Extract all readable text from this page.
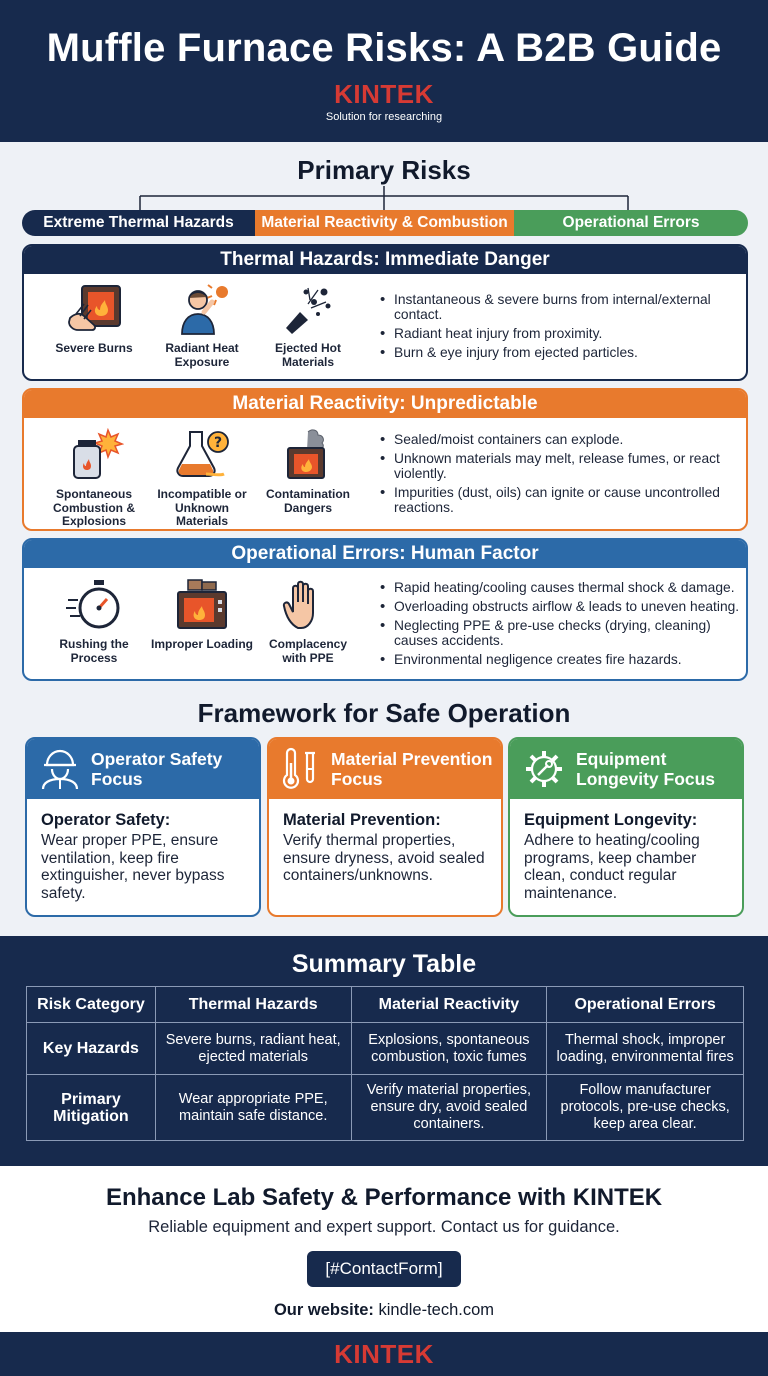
Muffle Furnace Risks: A B2B Guide
KINTEK
Solution for researching
Primary Risks
Extreme Thermal Hazards	Material Reactivity & Combustion	Operational Errors
Thermal Hazards: Immediate Danger
Severe Burns	Radiant Heat Exposure
Ejected Hot Materials
• Instantaneous & severe burns from internal/external contact.
• Radiant heat injury from proximity.
• Burn & eye injury from ejected particles.
Material Reactivity: Unpredictable
Spontaneous Combustion & Explosions
?
Incompatible or Unknown Materials
Contamination Dangers
• Sealed/moist containers can explode.
• Unknown materials may melt, release fumes, or react violently.
• Impurities (dust, oils) can ignite or cause uncontrolled reactions.
Operational Errors: Human Factor
Rushing the Process
Improper Loading	Complacency with PPE
• Rapid heating/cooling causes thermal shock & damage.
• Overloading obstructs airflow & leads to uneven heating.
• Neglecting PPE & pre-use checks (drying, cleaning) causes accidents.
• Environmental negligence creates fire hazards.
Framework for Safe Operation
Operator Safety Focus
Operator Safety:
Wear proper PPE, ensure ventilation, keep fire extinguisher, never bypass safety.
Material Prevention Focus
Material Prevention:
Verify thermal properties, ensure dryness, avoid sealed containers/unknowns.
Equipment Longevity Focus
Equipment Longevity:
Adhere to heating/cooling programs, keep chamber clean, conduct regular maintenance.
Summary Table
Risk Category	Thermal Hazards	Material Reactivity	Operational Errors
Key Hazards	Severe burns, radiant heat, ejected materials	Explosions, spontaneous combustion, toxic fumes	Thermal shock, improper loading, environmental fires
Primary Mitigation	Wear appropriate PPE, maintain safe distance.	Verify material properties, ensure dry, avoid sealed containers.	Follow manufacturer protocols, pre-use checks, keep area clear.
Enhance Lab Safety & Performance with KINTEK
Reliable equipment and expert support. Contact us for guidance.
[#ContactForm]
Our website: kindle-tech.com
KINTEK
